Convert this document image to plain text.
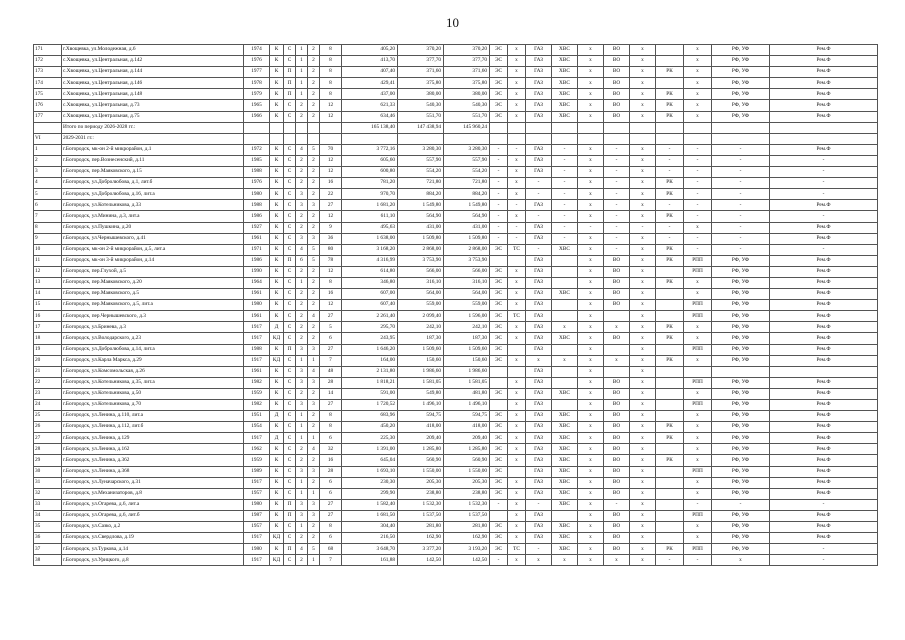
10
171	г.Хвощевка, ул.Молодежная, д.6	1974	К	С	1	2	8	405,20	370,20	370,20	ЭС	х	ГАЗ	ХВС	х	ВО	х		х	РФ, УФ	Рем.Ф
172	с.Хвощевка, ул.Центральная, д.142	1976	К	С	1	2	8	413,70	377,70	377,70	ЭС	х	ГАЗ	ХВС	х	ВО	х		х	РФ, УФ	Рем.Ф
173	с.Хвощевка, ул.Центральная, д.144	1977	К	П	1	2	8	407,40	371,60	371,60	ЭС	х	ГАЗ	ХВС	х	ВО	х	РК	х	РФ, УФ	Рем.Ф
174	с.Хвощевка, ул.Центральная, д.146	1978	К	П	1	2	8	429,41	375,80	375,80	ЭС	х	ГАЗ	ХВС	х	ВО	х		х	РФ, УФ	Рем.Ф
175	с.Хвощевка, ул.Центральная, д.148	1979	К	П	1	2	8	437,00	380,00	380,00	ЭС	х	ГАЗ	ХВС	х	ВО	х	РК	х	РФ, УФ	Рем.Ф
176	с.Хвощевка, ул.Центральная, д.73	1965	К	С	2	2	12	621,33	540,30	540,30	ЭС	х	ГАЗ	ХВС	х	ВО	х	РК	х	РФ, УФ	Рем.Ф
177	с.Хвощевка, ул.Центральная, д.75	1966	К	С	2	2	12	634,46	551,70	551,70	ЭС	х	ГАЗ	ХВС	х	ВО	х	РК	х	РФ, УФ	Рем.Ф
	Итого по периоду 2026-2028 гг.:							165 138,40	147 438,94	145 960,24											
VI	2029-2031 гг.:																				
1	г.Богородск, мк-он 2-й микрорайон, д.1	1972	К	С	4	5	70	3 772,16	3 280,30	3 280,30	-	-	ГАЗ	-	х	-	х	-	-	-	Рем.Ф
2	г.Богородск, пер.Вознесенский, д.11	1985	К	С	2	2	12	605,60	557,90	557,90	-	х	ГАЗ	-	х	-	х	-	-	-	-
3	г.Богородск, пер.Маяковского, д.15	1988	К	С	2	2	12	600,80	554,20	554,20	-	х	ГАЗ	-	х	-	х	-	-	-	-
4	г.Богородск, ул.Добролюбова, д.1, лит.б	1976	К	С	2	2	16	781,20	721,80	721,80	-	х	-	-	х	-	х	РК	-	-	-
5	г.Богородск, ул.Добролюбова, д.16, лит.а	1980	К	С	3	2	22	970,70	884,20	884,20	-	х	-	-	х	-	х	РК	-	-	-
6	г.Богородск, ул.Котельникова, д.33	1988	К	С	3	3	27	1 681,20	1 549,80	1 549,80	-	-	ГАЗ	-	х	-	х	-	-	-	Рем.Ф
7	г.Богородск, ул.Минина, д.3, лит.а	1986	К	С	2	2	12	611,10	564,90	564,90	-	х	-	-	х	-	х	РК	-	-	-
8	г.Богородск, ул.Пушкина, д.20	1927	К	С	2	2	9	495,63	431,00	431,00	-	-	ГАЗ	-	-	-	-	-	х	-	Рем.Ф
9	г.Богородск, ул.Чернышевского, д.41	1961	К	С	3	3	36	1 638,00	1 509,80	1 509,80	-	-	ГАЗ	-	х	-	х	-	-	-	Рем.Ф
10	г.Богородск, мк-он 2-й микрорайон, д.5, лит.а	1971	К	С	4	5	80	3 168,20	2 868,00	2 868,00	ЭС	ТС	-	ХВС	х	-	х	РК	-	-	-
11	г.Богородск, мк-он 3-й микрорайон, д.14	1986	К	П	6	5	78	4 316,99	3 753,90	3 753,90			ГАЗ		х	ВО	х	РК	РПП	РФ, УФ	Рем.Ф
12	г.Богородск, пер.Глухой, д.5	1990	К	С	2	2	12	614,80	566,00	566,00	ЭС	х	ГАЗ		х	ВО	х		РПП	РФ, УФ	Рем.Ф
13	г.Богородск, пер.Маяковского, д.20	1964	К	С	1	2	8	346,80	316,10	316,10	ЭС	х	ГАЗ		х	ВО	х	РК	х	РФ, УФ	Рем.Ф
14	г.Богородск, пер.Маяковского, д.5	1961	К	С	2	2	16	607,00	564,00	564,00	ЭС	х	ГАЗ	ХВС	х	ВО	х		х	РФ, УФ	Рем.Ф
15	г.Богородск, пер.Маяковского, д.5, лит.а	1980	К	С	2	2	12	607,40	559,00	559,00	ЭС	х	ГАЗ		х	ВО	х		РПП	РФ, УФ	Рем.Ф
16	г.Богородск, пер.Чернышевского, д.3	1961	К	С	2	4	27	2 261,40	2 099,40	1 596,00	ЭС	ТС	ГАЗ		х		х		РПП	РФ, УФ	Рем.Ф
17	г.Богородск, ул.Бринева, д.3	1917	Д	С	2	2	5	295,70	242,10	242,10	ЭС	х	ГАЗ	х	х	х	х	РК	х	РФ, УФ	Рем.Ф
18	г.Богородск, ул.Володарского, д.23	1917	КД	С	2	2	6	243,95	187,30	187,30	ЭС	х	ГАЗ	ХВС	х	ВО	х	РК	х	РФ, УФ	Рем.Ф
19	г.Богородск, ул.Добролюбова, д.14, лит.а	1988	К	П	3	3	27	1 646,20	1 509,60	1 509,60	ЭС		ГАЗ		х		х		РПП	РФ, УФ	Рем.Ф
20	г.Богородск, ул.Карла Маркса, д.29	1917	КД	С	1	1	7	164,00	150,60	150,60	ЭС	х	х	х	х	х	х	РК	х	РФ, УФ	Рем.Ф
21	г.Богородск, ул.Комсомольская, д.26	1961	К	С	3	4	48	2 131,80	1 986,60	1 986,60			ГАЗ		х		х				
22	г.Богородск, ул.Котельникова, д.35, лит.а	1982	К	С	3	3	28	1 818,21	1 581,05	1 581,05		х	ГАЗ		х	ВО	х		РПП	РФ, УФ	Рем.Ф
23	г.Богородск, ул.Котельникова, д.50	1959	К	С	2	2	14	591,00	549,80	481,80	ЭС	х	ГАЗ	ХВС	х	ВО	х		х	РФ, УФ	Рем.Ф
24	г.Богородск, ул.Котельникова, д.70	1982	К	С	3	3	27	1 720,52	1 496,10	1 496,10		х	ГАЗ		х	ВО	х		РПП	РФ, УФ	Рем.Ф
25	г.Богородск, ул.Ленина, д.110, лит.а	1951	Д	С	1	2	8	683,96	594,75	594,75	ЭС	х	ГАЗ	ХВС	х	ВО	х		х	РФ, УФ	Рем.Ф
26	г.Богородск, ул.Ленина, д.112, лит.б	1954	К	С	1	2	8	450,20	418,00	418,00	ЭС	х	ГАЗ	ХВС	х	ВО	х	РК	х	РФ, УФ	Рем.Ф
27	г.Богородск, ул.Ленина, д.129	1917	Д	С	1	1	6	225,30	209,40	209,40	ЭС	х	ГАЗ	ХВС	х	ВО	х	РК	х	РФ, УФ	Рем.Ф
28	г.Богородск, ул.Ленина, д.162	1962	К	С	2	4	32	1 391,00	1 285,80	1 285,80	ЭС	х	ГАЗ	ХВС	х	ВО	х		х	РФ, УФ	Рем.Ф
29	г.Богородск, ул.Ленина, д.362	1959	К	С	2	2	16	645,04	560,90	560,90	ЭС	х	ГАЗ	ХВС	х	ВО	х	РК	х	РФ, УФ	Рем.Ф
30	г.Богородск, ул.Ленина, д.368	1989	К	С	3	3	28	1 693,10	1 550,00	1 550,00	ЭС		ГАЗ	ХВС	х	ВО	х		РПП	РФ, УФ	Рем.Ф
31	г.Богородск, ул.Луначарского, д.31	1917	К	С	1	2	6	230,30	205,30	205,30	ЭС	х	ГАЗ	ХВС	х	ВО	х		х	РФ, УФ	Рем.Ф
32	г.Богородск, ул.Механизаторов, д.8	1957	К	С	1	1	6	299,90	238,80	238,80	ЭС	х	ГАЗ	ХВС	х	ВО	х		х	РФ, УФ	Рем.Ф
33	г.Богородск, ул.Огарева, д.6, лит.а	1980	К	П	3	3	27	1 582,40	1 532,30	1 532,30	-	х	-	ХВС	х	-	х		-	-	-
34	г.Богородск, ул.Огарева, д.6, лит.б	1987	К	П	3	3	27	1 681,50	1 537,50	1 537,50		х	ГАЗ		х	ВО	х		РПП	РФ, УФ	Рем.Ф
35	г.Богородск, ул.Сазко, д.2	1957	К	С	1	2	8	304,40	281,80	281,80	ЭС	х	ГАЗ	ХВС	х	ВО	х		х	РФ, УФ	Рем.Ф
36	г.Богородск, ул.Свердлова, д.19	1917	КД	С	2	2	6	216,50	162,90	162,90	ЭС	х	ГАЗ	ХВС	х	ВО	х		х	РФ, УФ	Рем.Ф
37	г.Богородск, ул.Туркова, д.14	1980	К	П	4	5	68	3 648,70	3 377,20	3 193,20	ЭС	ТС	-	ХВС	х	ВО	х	РК	РПП	РФ, УФ	-
38	г.Богородск, ул.Урицкого, д.8	1917	КД	С	2	1	7	161,88	142,50	142,50	-	х	х	х	х	х	х	-	-	х	-
